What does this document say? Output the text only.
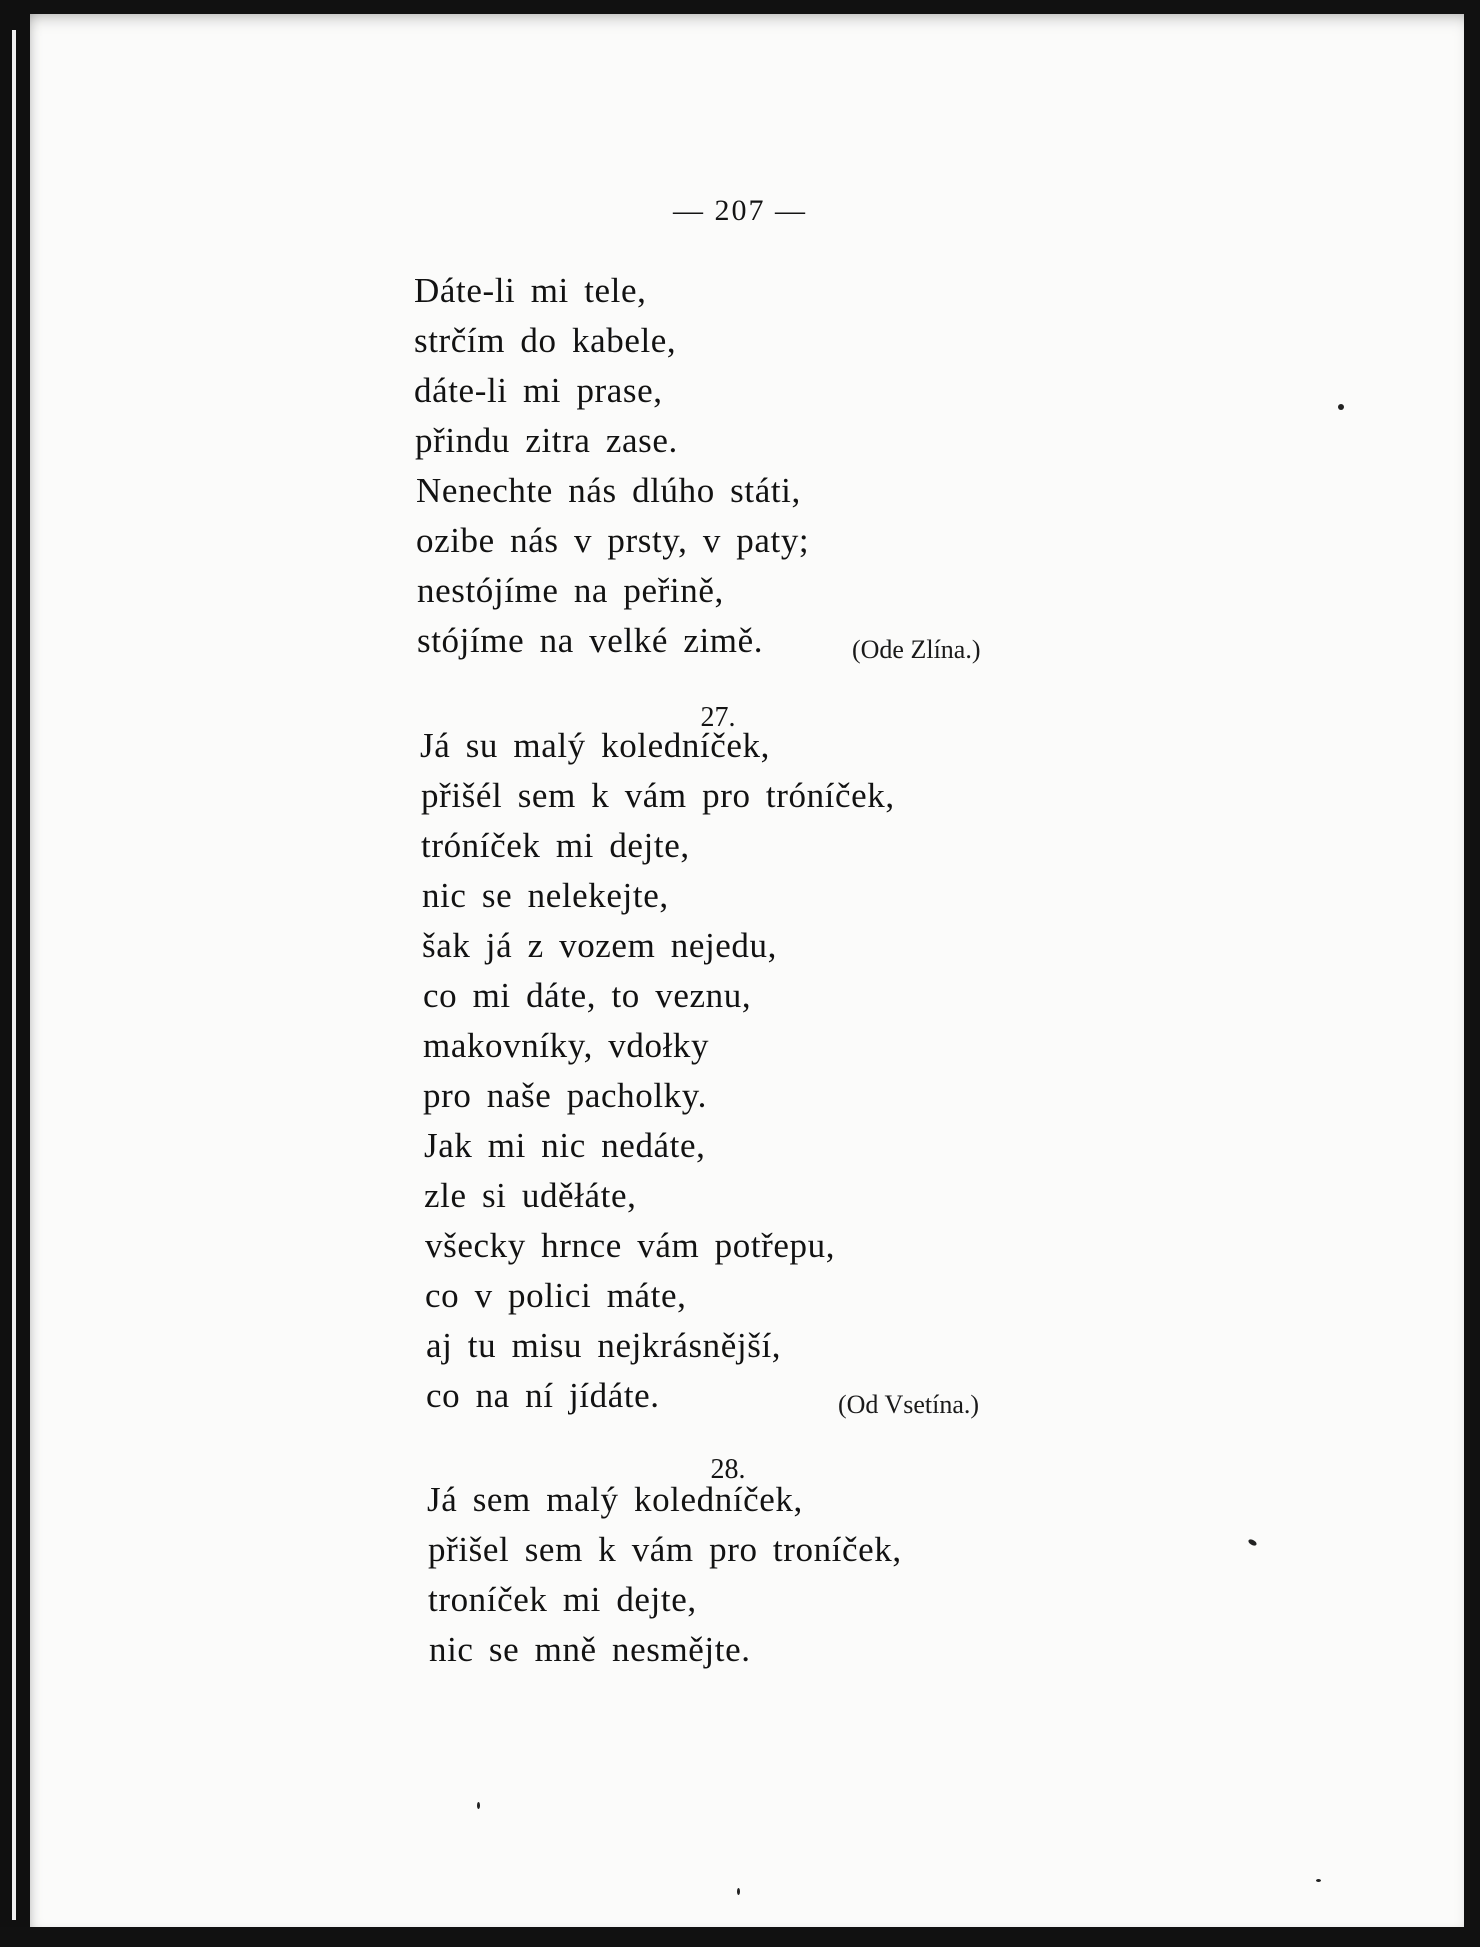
— 207 —
Dáte-li mi tele,
strčím do kabele,
dáte-li mi prase,
přindu zitra zase.
Nenechte nás dlúho státi,
ozibe nás v prsty, v paty;
nestójíme na peřině,
stójíme na velké zimě.	(Ode Zlína.)
27.
Já su malý koledníček,
přišél sem k vám pro tróníček,
tróníček mi dejte,
nic se nelekejte,
šak já z vozem nejedu,
co mi dáte, to veznu,
makovníky, vdołky
pro naše pacholky.
Jak mi nic nedáte,
zle si uděłáte,
všecky hrnce vám potřepu,
co v polici máte,
aj tu misu nejkrásnější,
co na ní jídáte.	(Od Vsetína.)
28.
Já sem malý koledníček,
přišel sem k vám pro troníček,
troníček mi dejte,
nic se mně nesmějte.
